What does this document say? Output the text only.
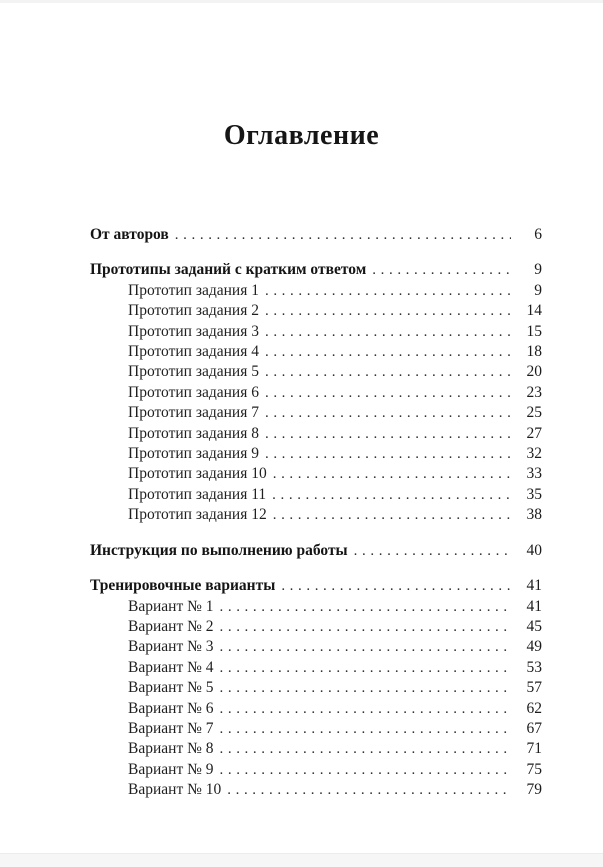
Оглавление
От авторов .....	6
Прототипы заданий с кратким ответом .....	9
Прототип задания 1 .....	9
Прототип задания 2 .....	14
Прототип задания 3 .....	15
Прототип задания 4 .....	18
Прототип задания 5 .....	20
Прототип задания 6 .....	23
Прототип задания 7 .....	25
Прототип задания 8 .....	27
Прототип задания 9 .....	32
Прототип задания 10 .....	33
Прототип задания 11 .....	35
Прототип задания 12 .....	38
Инструкция по выполнению работы .....	40
Тренировочные варианты .....	41
Вариант № 1 .....	41
Вариант № 2 .....	45
Вариант № 3 .....	49
Вариант № 4 .....	53
Вариант № 5 .....	57
Вариант № 6 .....	62
Вариант № 7 .....	67
Вариант № 8 .....	71
Вариант № 9 .....	75
Вариант № 10 .....	79
